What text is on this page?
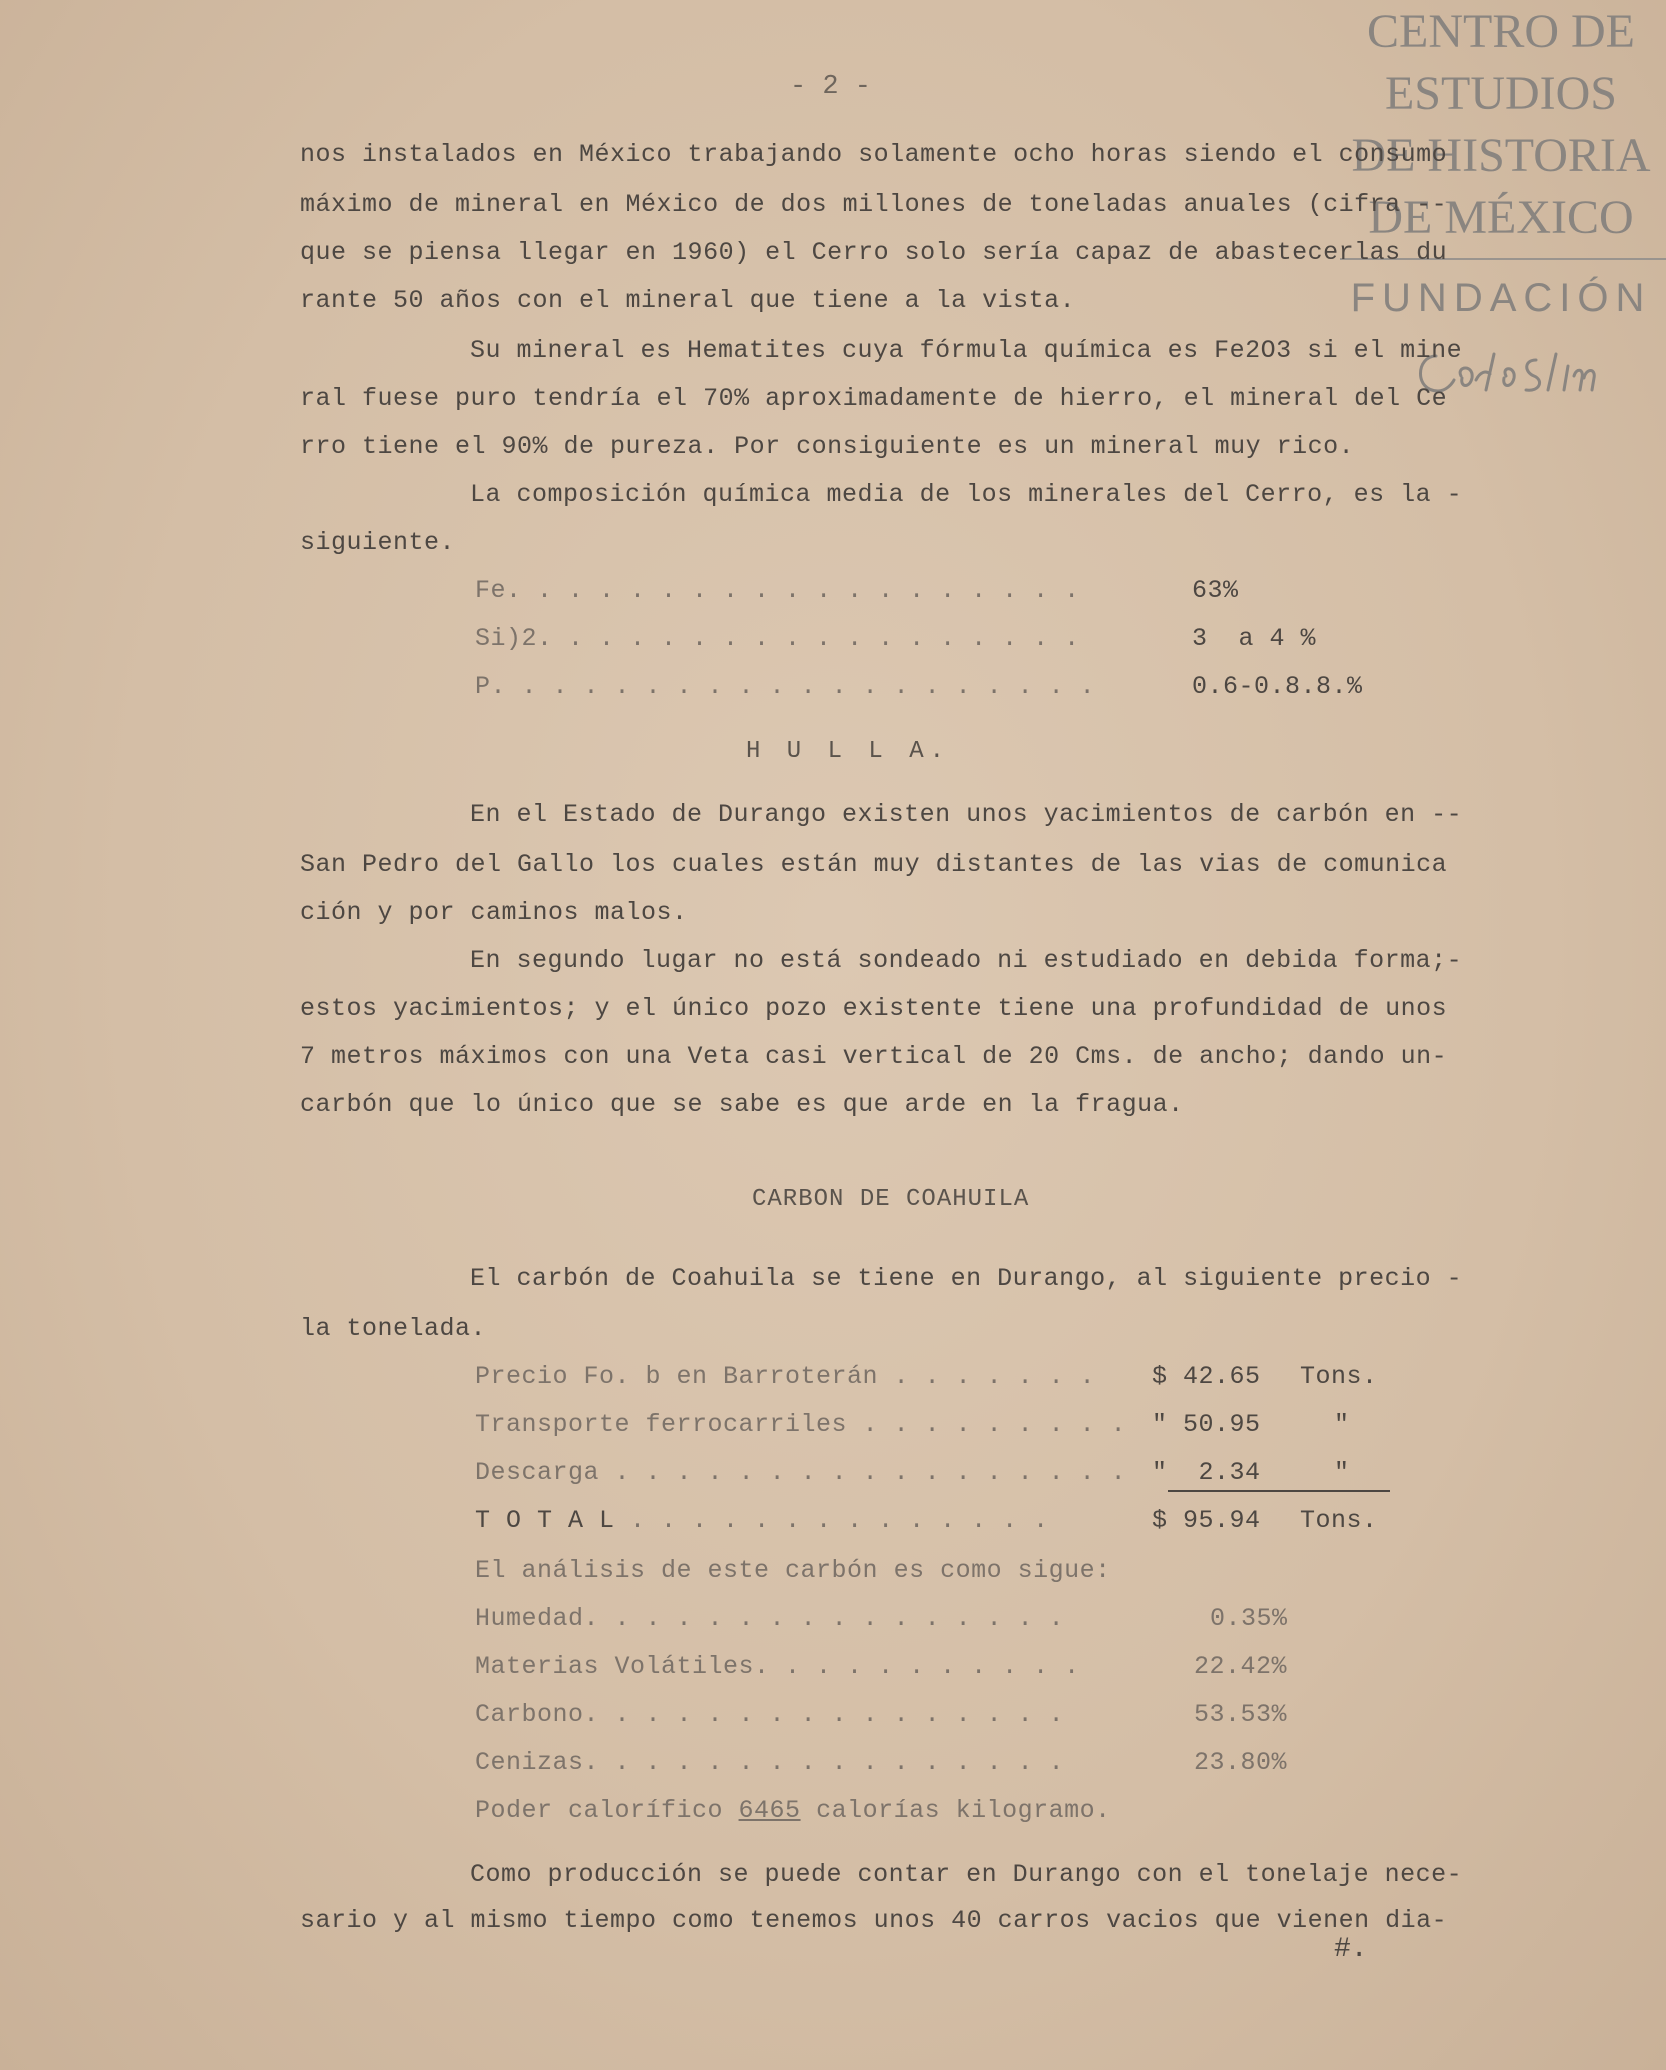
CENTRO DE
ESTUDIOS
DE HISTORIA
DE MÉXICO
FUNDACIÓN
- 2 -
nos instalados en México trabajando solamente ocho horas siendo el consumo
máximo de mineral en México de dos millones de toneladas anuales (cifra --
que se piensa llegar en 1960) el Cerro solo sería capaz de abastecerlas du
rante 50 años con el mineral que tiene a la vista.
Su mineral es Hematites cuya fórmula química es Fe2O3 si el mine
ral fuese puro tendría el 70% aproximadamente de hierro, el mineral del Ce
rro tiene el 90% de pureza. Por consiguiente es un mineral muy rico.
La composición química media de los minerales del Cerro, es la -
siguiente.
Fe. . . . . . . . . . . . . . . . . . .	63%
Si)2. . . . . . . . . . . . . . . . . .	3  a 4 %
P. . . . . . . . . . . . . . . . . . . .	0.6-0.8.8.%
H U L L A.
En el Estado de Durango existen unos yacimientos de carbón en --
San Pedro del Gallo los cuales están muy distantes de las vias de comunica
ción y por caminos malos.
En segundo lugar no está sondeado ni estudiado en debida forma;-
estos yacimientos; y el único pozo existente tiene una profundidad de unos
7 metros máximos con una Veta casi vertical de 20 Cms. de ancho; dando un-
carbón que lo único que se sabe es que arde en la fragua.
CARBON DE COAHUILA
El carbón de Coahuila se tiene en Durango, al siguiente precio -
la tonelada.
Precio Fo. b en Barroterán . . . . . . . $ 42.65 Tons.
Transporte ferrocarriles . . . . . . . . . " 50.95	"
Descarga . . . . . . . . . . . . . . . . . "  2.34	"
T O T A L . . . . . . . . . . . . . .	$ 95.94 Tons.
El análisis de este carbón es como sigue:
Humedad. . . . . . . . . . . . . . . .	0.35%
Materias Volátiles. . . . . . . . . . .	22.42%
Carbono. . . . . . . . . . . . . . . .	53.53%
Cenizas. . . . . . . . . . . . . . . .	23.80%
Poder calorífico 6465 calorías kilogramo.
Como producción se puede contar en Durango con el tonelaje nece-
sario y al mismo tiempo como tenemos unos 40 carros vacios que vienen dia-
#.
